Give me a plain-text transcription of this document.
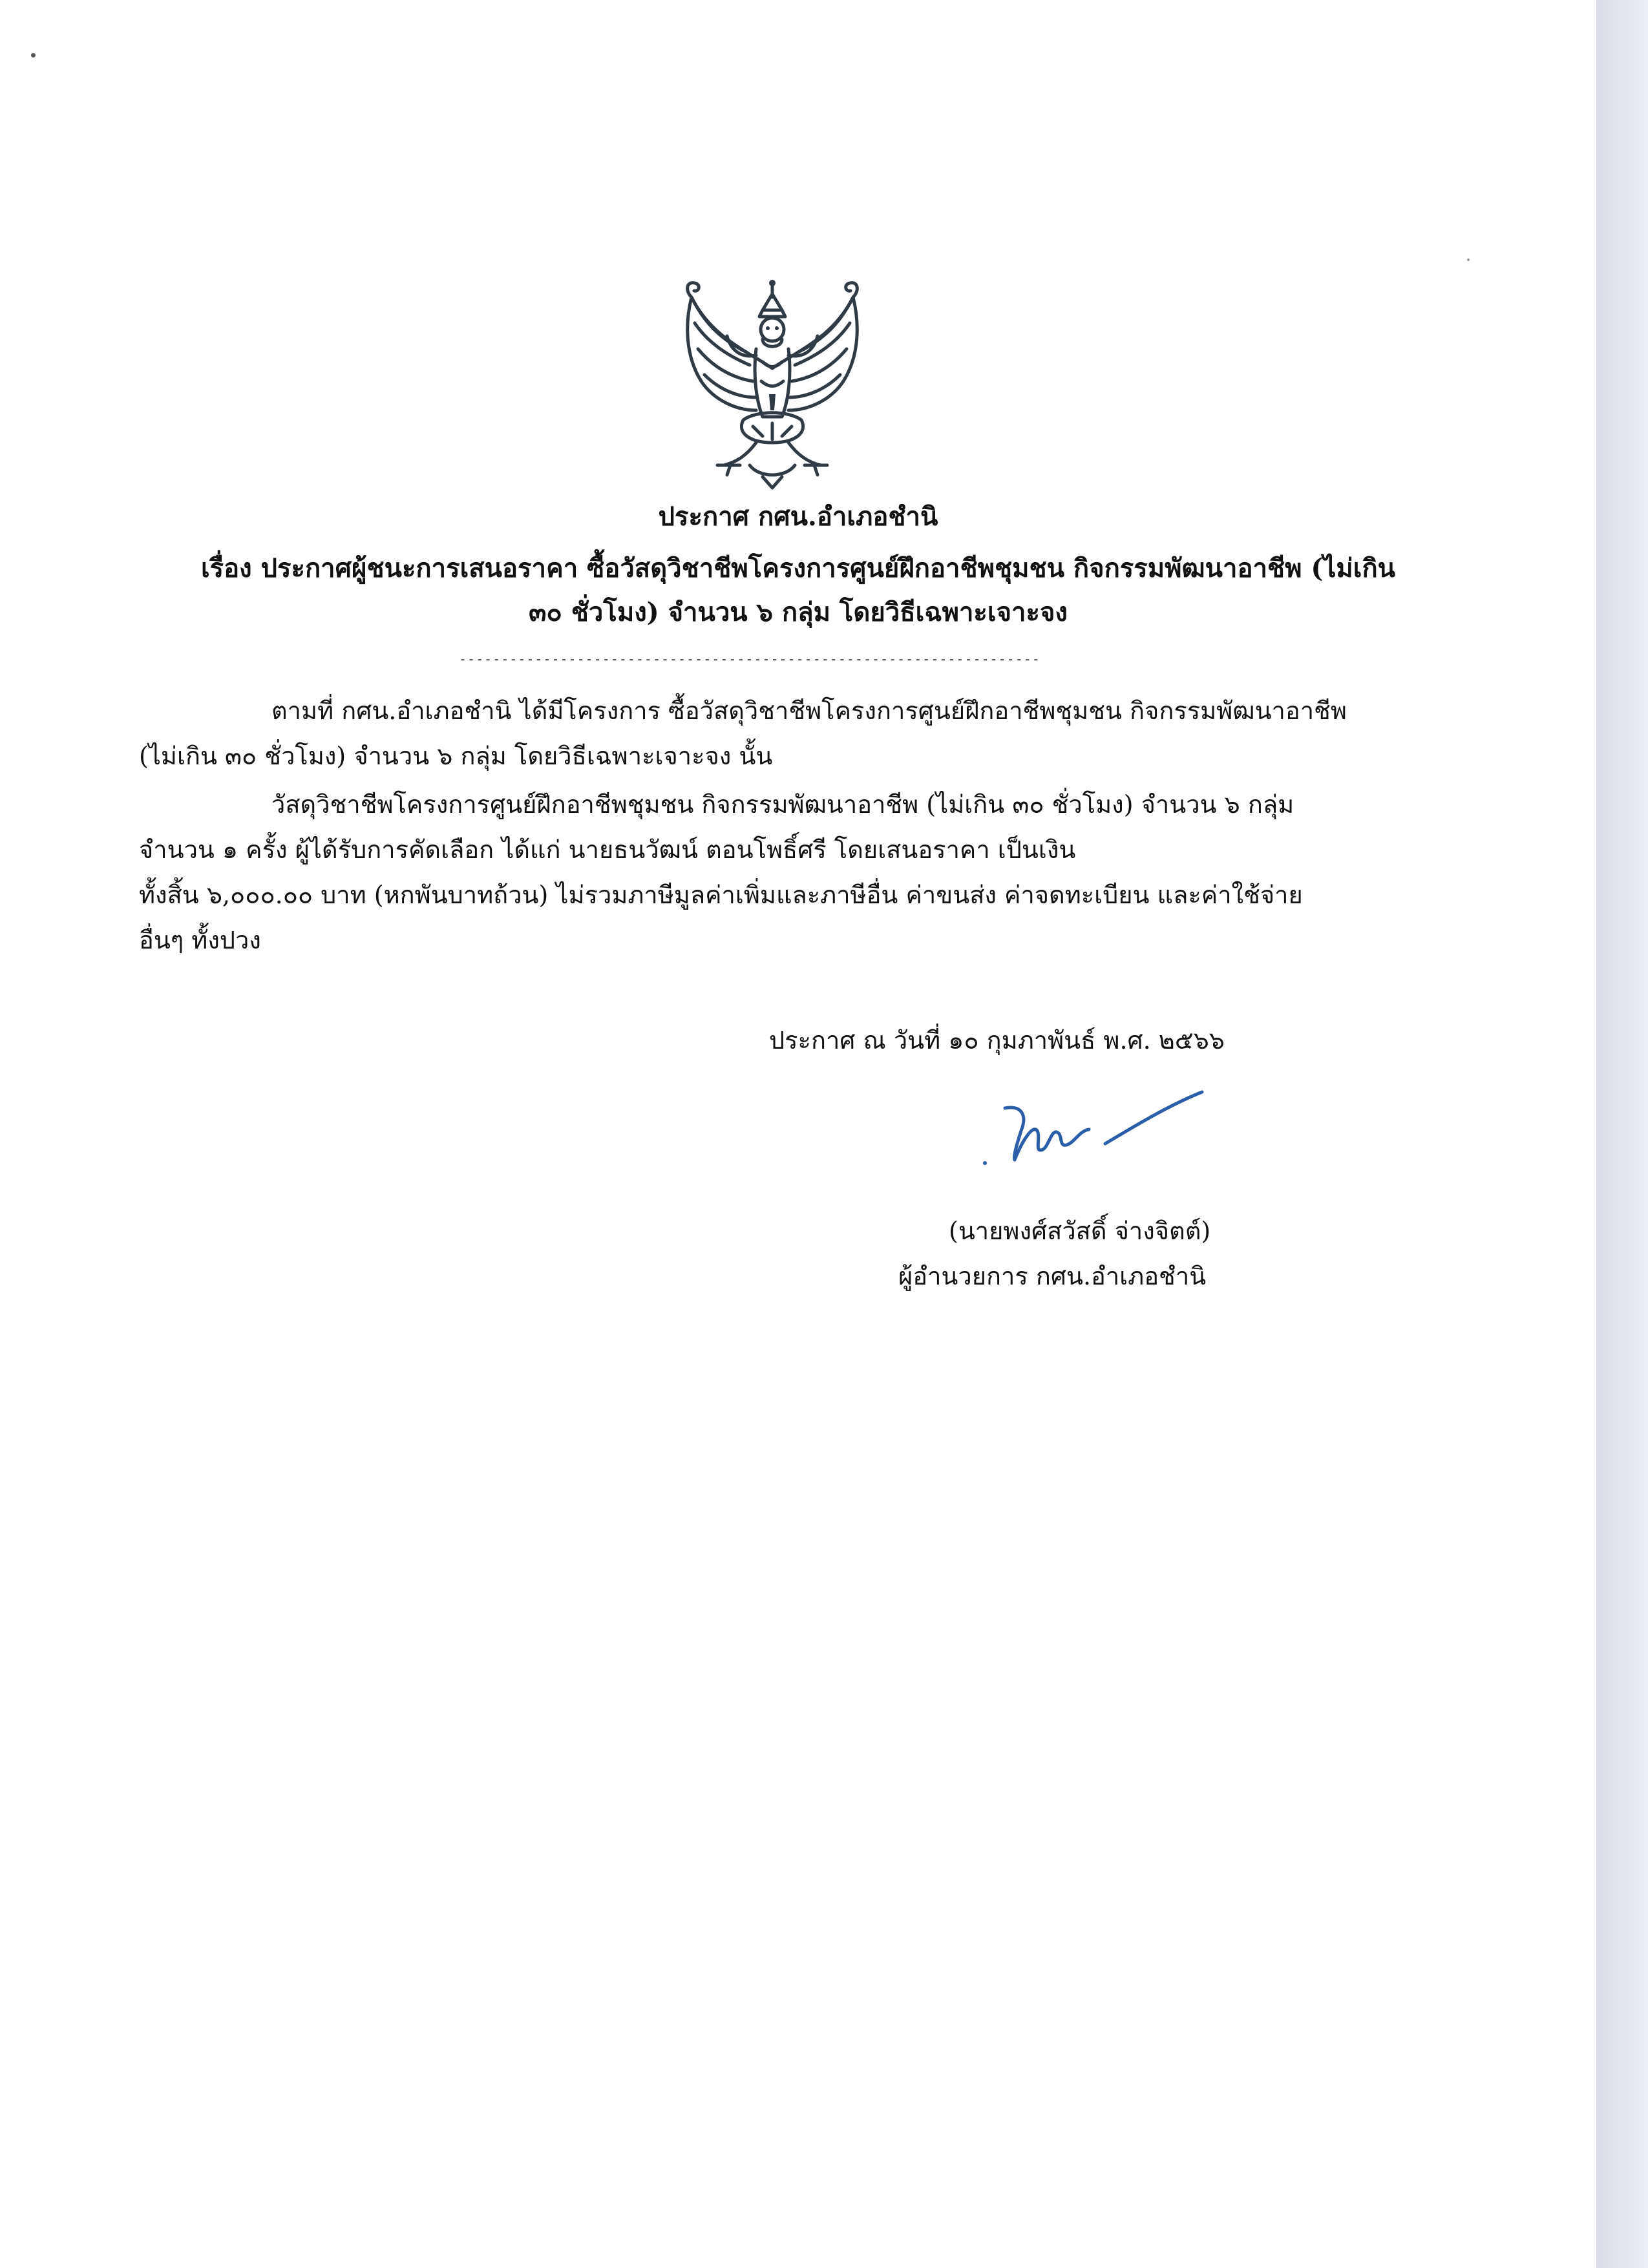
ประกาศ กศน.อำเภอชำนิ
เรื่อง ประกาศผู้ชนะการเสนอราคา ซื้อวัสดุวิชาชีพโครงการศูนย์ฝึกอาชีพชุมชน กิจกรรมพัฒนาอาชีพ (ไม่เกิน
๓๐ ชั่วโมง) จำนวน ๖ กลุ่ม โดยวิธีเฉพาะเจาะจง
---------------------------------------------------------------------
ตามที่ กศน.อำเภอชำนิ ได้มีโครงการ ซื้อวัสดุวิชาชีพโครงการศูนย์ฝึกอาชีพชุมชน กิจกรรมพัฒนาอาชีพ
(ไม่เกิน ๓๐ ชั่วโมง) จำนวน ๖ กลุ่ม โดยวิธีเฉพาะเจาะจง นั้น
วัสดุวิชาชีพโครงการศูนย์ฝึกอาชีพชุมชน กิจกรรมพัฒนาอาชีพ (ไม่เกิน ๓๐ ชั่วโมง) จำนวน ๖ กลุ่ม
จำนวน ๑ ครั้ง ผู้ได้รับการคัดเลือก ได้แก่ นายธนวัฒน์ ตอนโพธิ์ศรี โดยเสนอราคา เป็นเงิน
ทั้งสิ้น ๖,๐๐๐.๐๐ บาท (หกพันบาทถ้วน) ไม่รวมภาษีมูลค่าเพิ่มและภาษีอื่น ค่าขนส่ง ค่าจดทะเบียน และค่าใช้จ่าย
อื่นๆ ทั้งปวง
ประกาศ ณ วันที่ ๑๐ กุมภาพันธ์ พ.ศ. ๒๕๖๖
(นายพงศ์สวัสดิ์ จ่างจิตต์)
ผู้อำนวยการ กศน.อำเภอชำนิ
